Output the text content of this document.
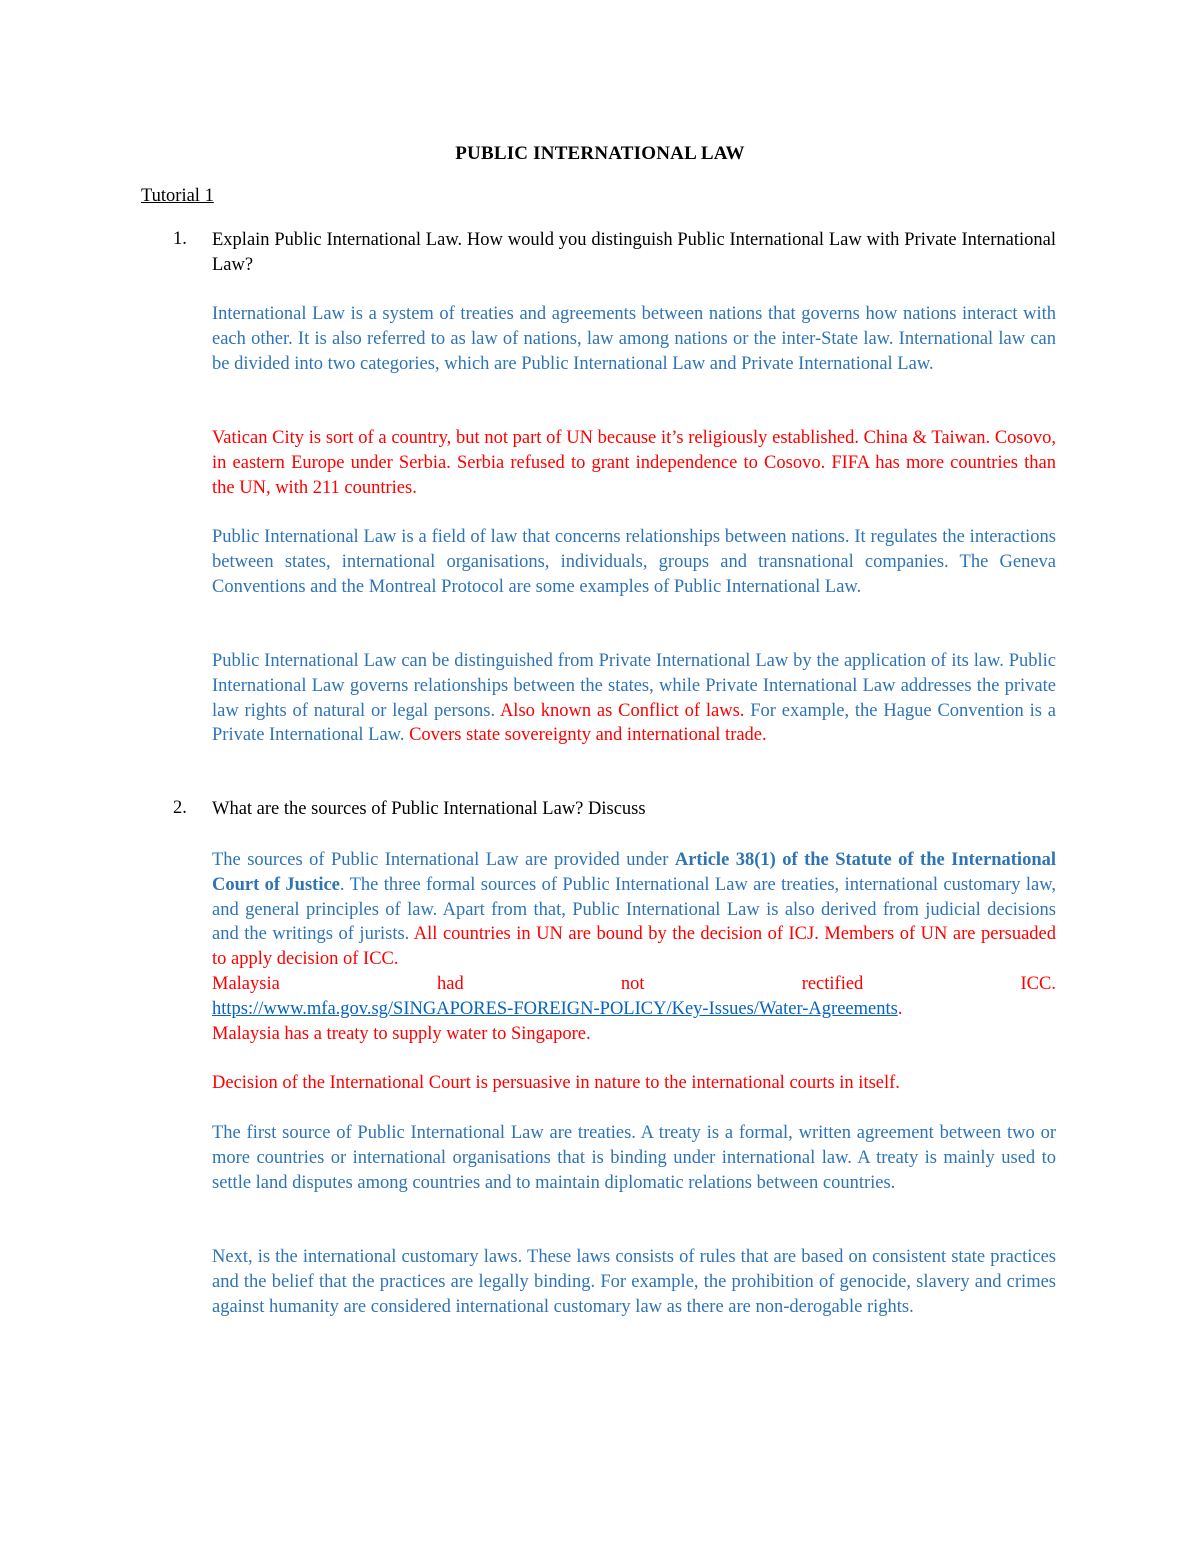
PUBLIC INTERNATIONAL LAW
Tutorial 1
1. Explain Public International Law. How would you distinguish Public International Law with Private International Law?
International Law is a system of treaties and agreements between nations that governs how nations interact with each other. It is also referred to as law of nations, law among nations or the inter-State law. International law can be divided into two categories, which are Public International Law and Private International Law.
Vatican City is sort of a country, but not part of UN because it’s religiously established. China & Taiwan. Cosovo, in eastern Europe under Serbia. Serbia refused to grant independence to Cosovo. FIFA has more countries than the UN, with 211 countries.
Public International Law is a field of law that concerns relationships between nations. It regulates the interactions between states, international organisations, individuals, groups and transnational companies. The Geneva Conventions and the Montreal Protocol are some examples of Public International Law.
Public International Law can be distinguished from Private International Law by the application of its law. Public International Law governs relationships between the states, while Private International Law addresses the private law rights of natural or legal persons. Also known as Conflict of laws. For example, the Hague Convention is a Private International Law. Covers state sovereignty and international trade.
2. What are the sources of Public International Law? Discuss
The sources of Public International Law are provided under Article 38(1) of the Statute of the International Court of Justice. The three formal sources of Public International Law are treaties, international customary law, and general principles of law. Apart from that, Public International Law is also derived from judicial decisions and the writings of jurists. All countries in UN are bound by the decision of ICJ. Members of UN are persuaded to apply decision of ICC.
Malaysia	had	not	rectified	ICC.
https://www.mfa.gov.sg/SINGAPORES-FOREIGN-POLICY/Key-Issues/Water-Agreements.
Malaysia has a treaty to supply water to Singapore.
Decision of the International Court is persuasive in nature to the international courts in itself.
The first source of Public International Law are treaties. A treaty is a formal, written agreement between two or more countries or international organisations that is binding under international law. A treaty is mainly used to settle land disputes among countries and to maintain diplomatic relations between countries.
Next, is the international customary laws. These laws consists of rules that are based on consistent state practices and the belief that the practices are legally binding. For example, the prohibition of genocide, slavery and crimes against humanity are considered international customary law as there are non-derogable rights.
